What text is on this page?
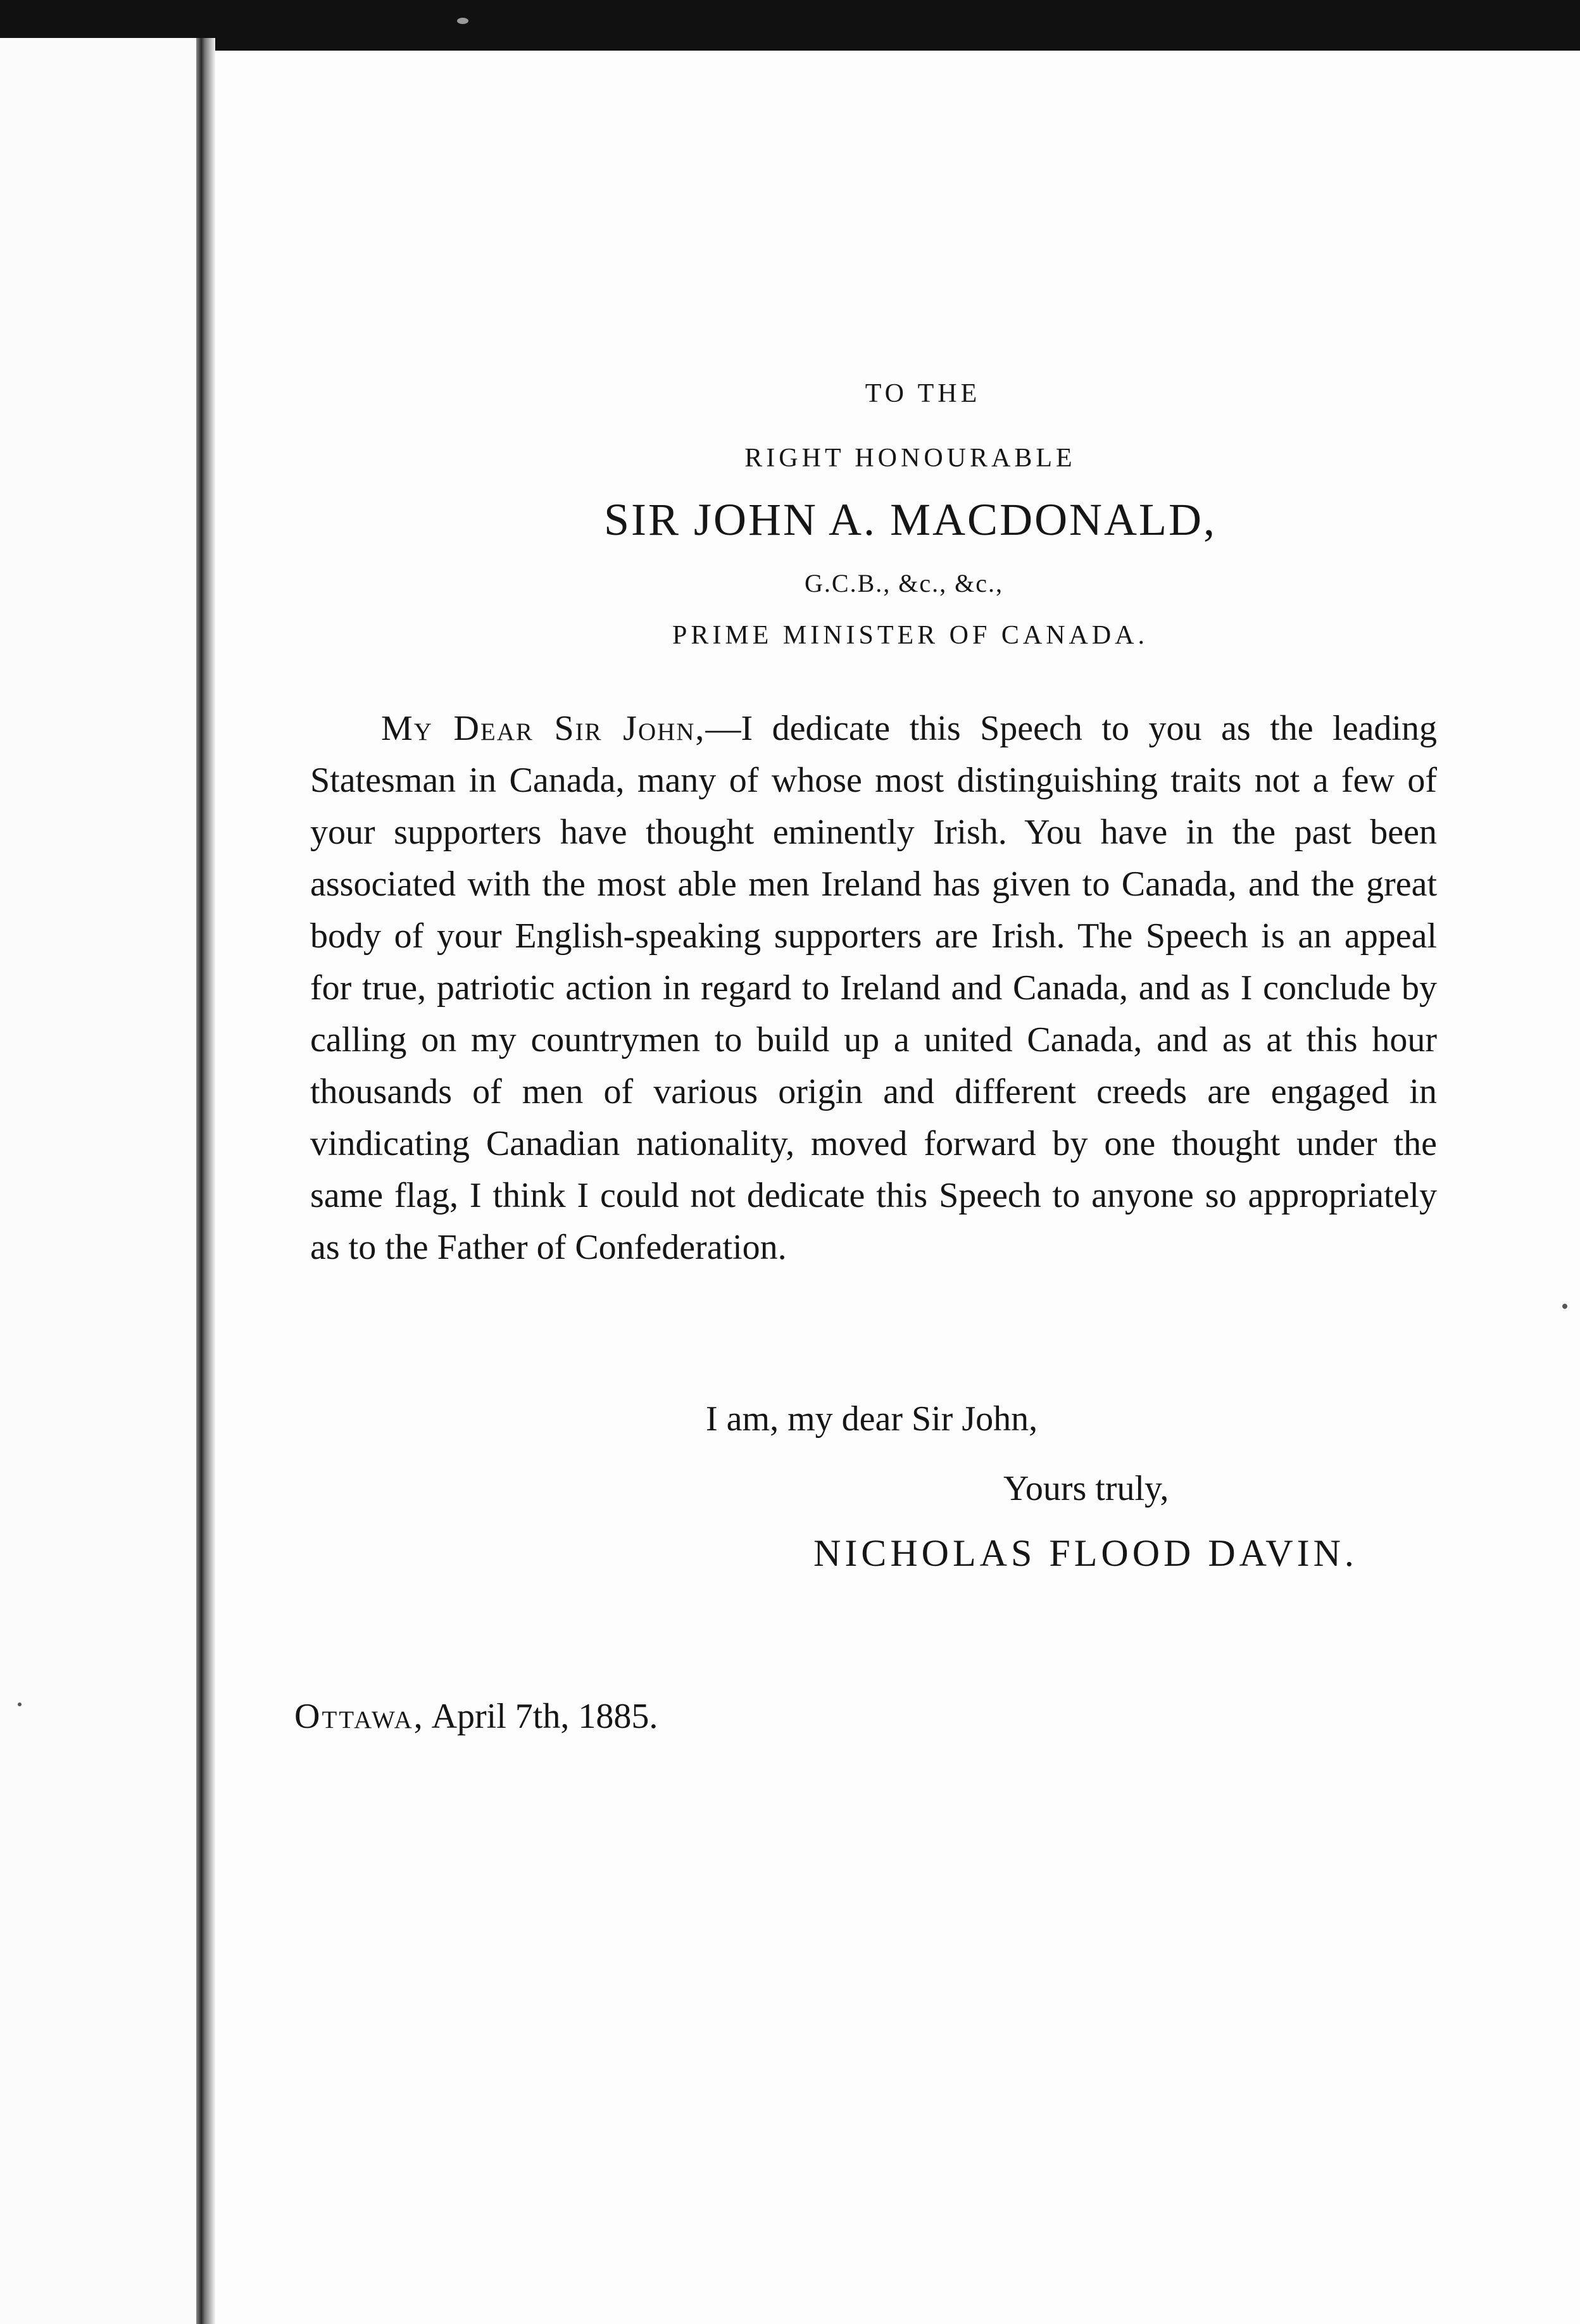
TO THE
RIGHT HONOURABLE
SIR JOHN A. MACDONALD,
G.C.B., &c., &c.,
PRIME MINISTER OF CANADA.

  My Dear Sir John,—I dedicate this Speech to you as the leading Statesman in Canada, many of whose most distinguishing traits not a few of your supporters have thought eminently Irish. You have in the past been associated with the most able men Ireland has given to Canada, and the great body of your English-speaking supporters are Irish. The Speech is an appeal for true, patriotic action in regard to Ireland and Canada, and as I conclude by calling on my countrymen to build up a united Canada, and as at this hour thousands of men of various origin and different creeds are engaged in vindicating Canadian nationality, moved forward by one thought under the same flag, I think I could not dedicate this Speech to anyone so appropriately as to the Father of Confederation.

I am, my dear Sir John,
Yours truly,
NICHOLAS FLOOD DAVIN.
Ottawa, April 7th, 1885.
